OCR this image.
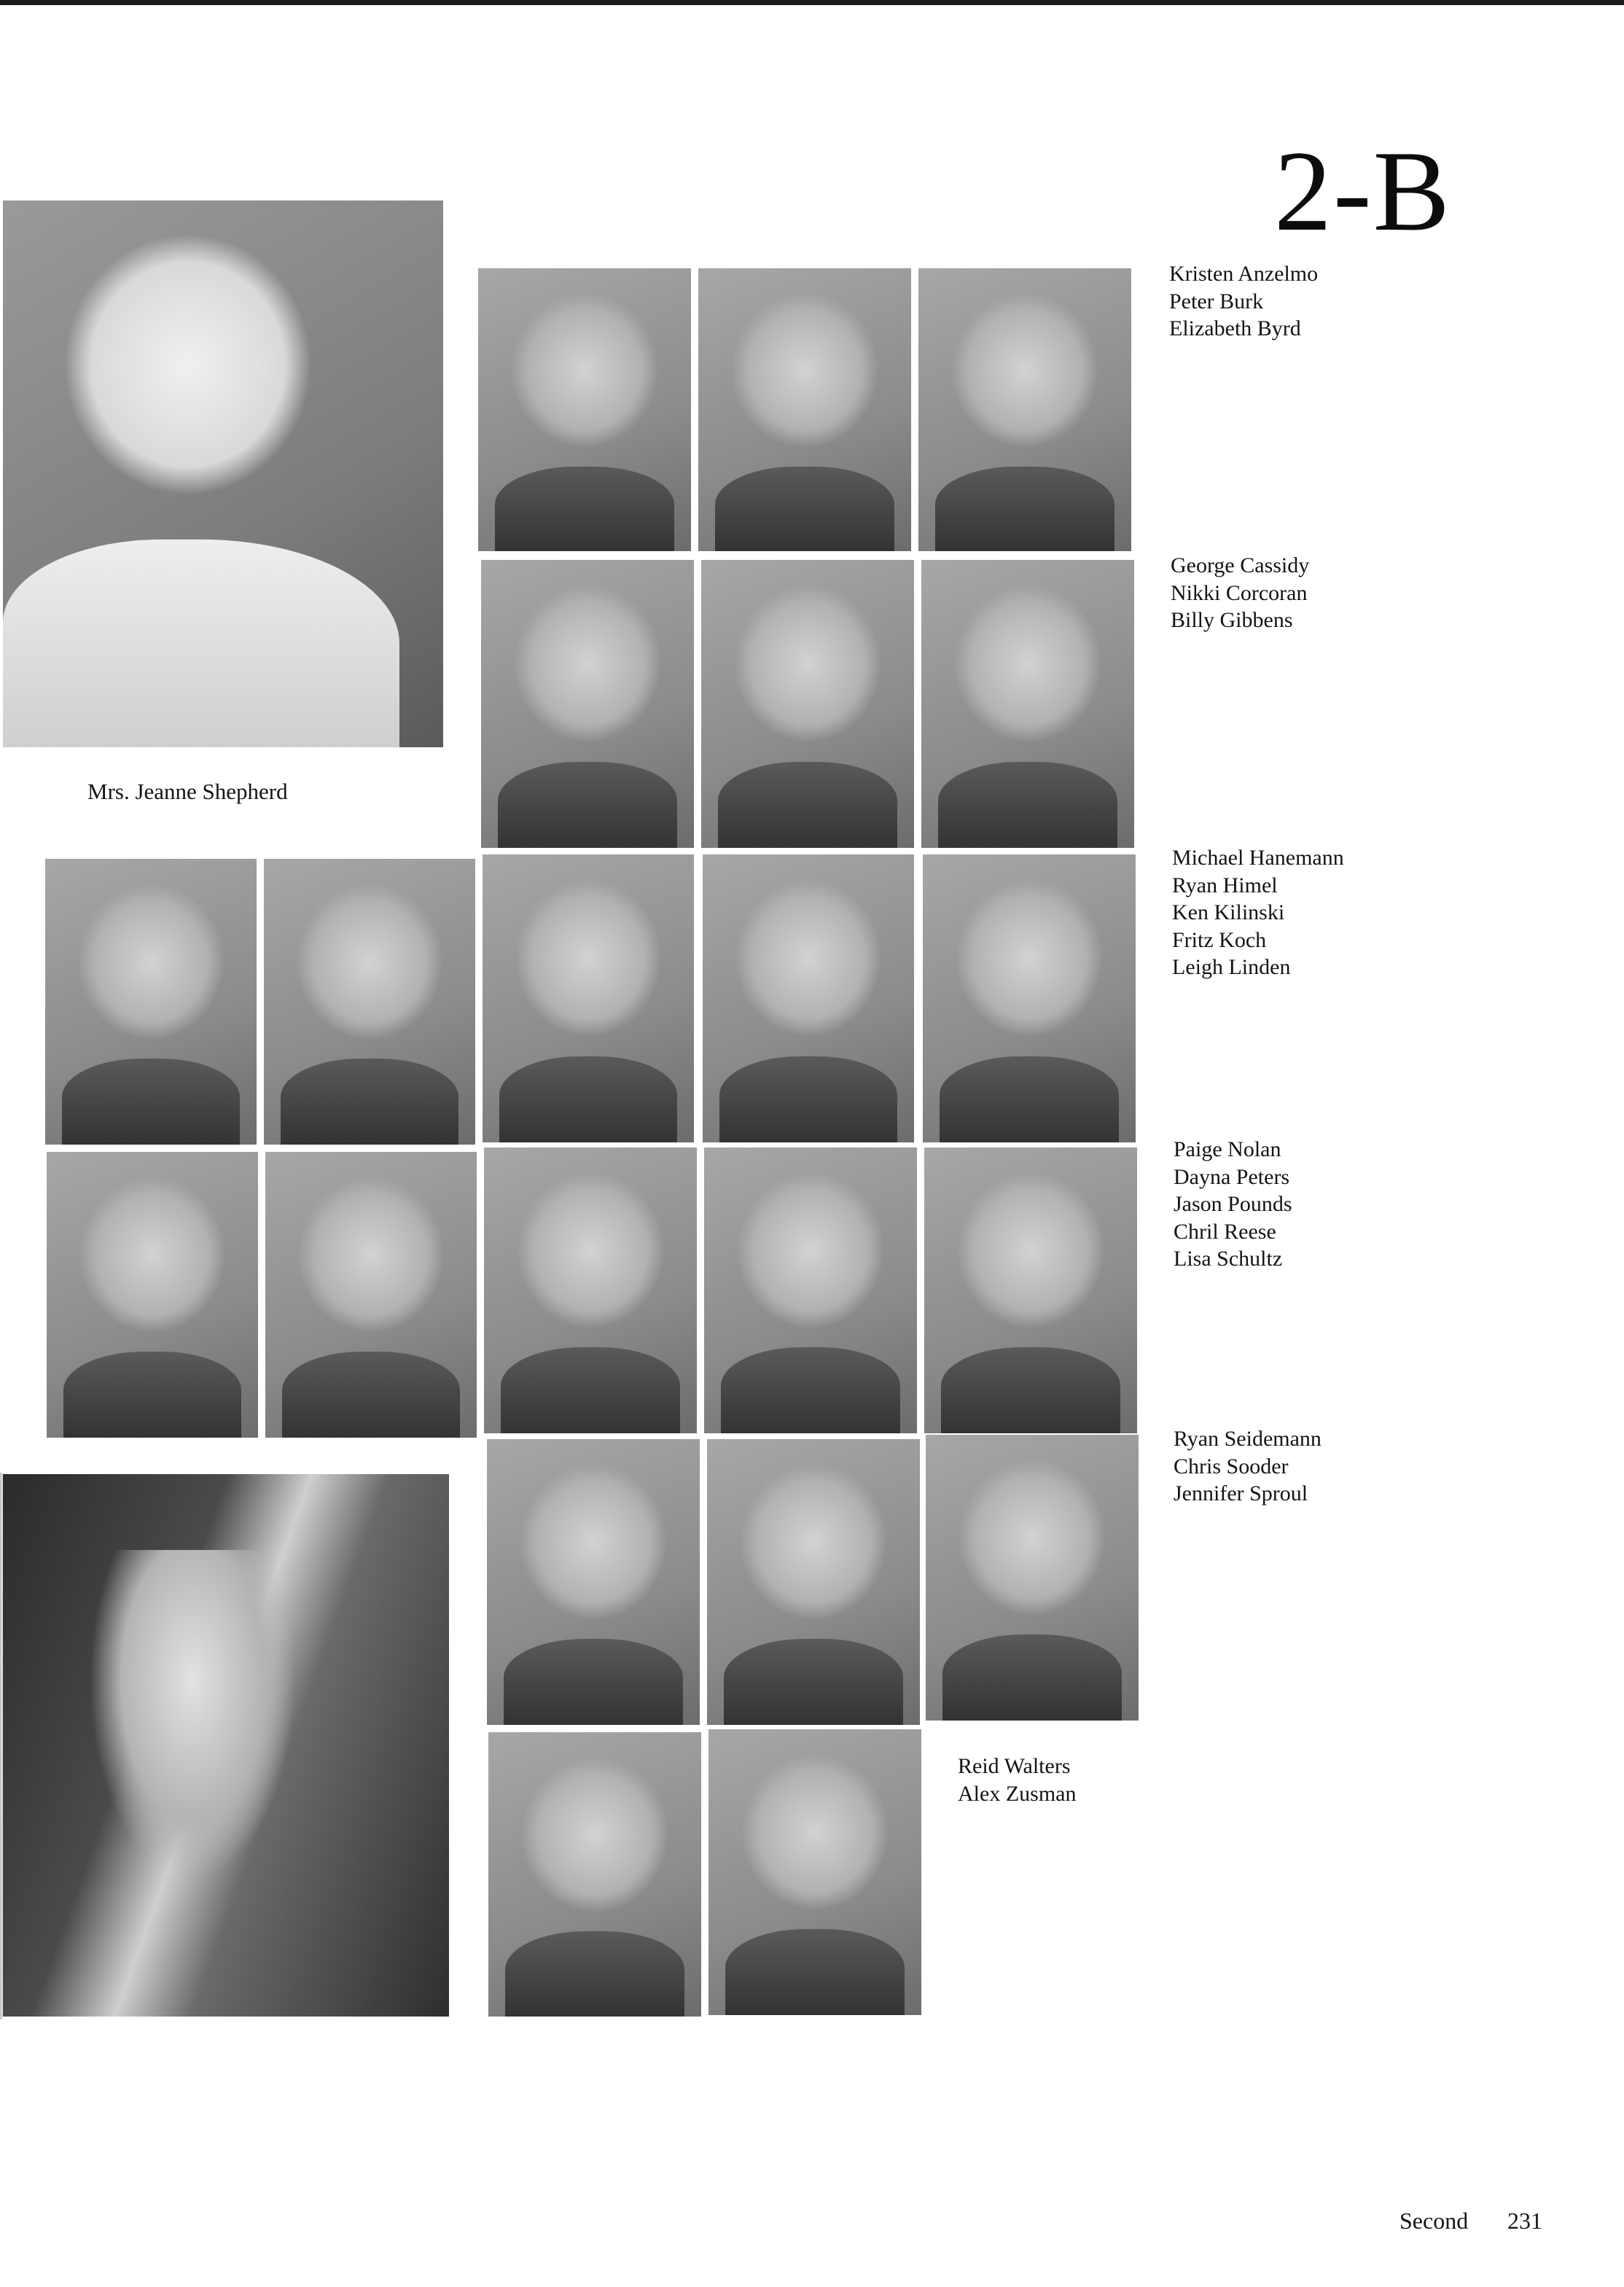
2-B
Mrs. Jeanne Shepherd
Kristen Anzelmo
Peter Burk
Elizabeth Byrd
George Cassidy
Nikki Corcoran
Billy Gibbens
Michael Hanemann
Ryan Himel
Ken Kilinski
Fritz Koch
Leigh Linden
Paige Nolan
Dayna Peters
Jason Pounds
Chril Reese
Lisa Schultz
Ryan Seidemann
Chris Sooder
Jennifer Sproul
Reid Walters
Alex Zusman
Second 231
